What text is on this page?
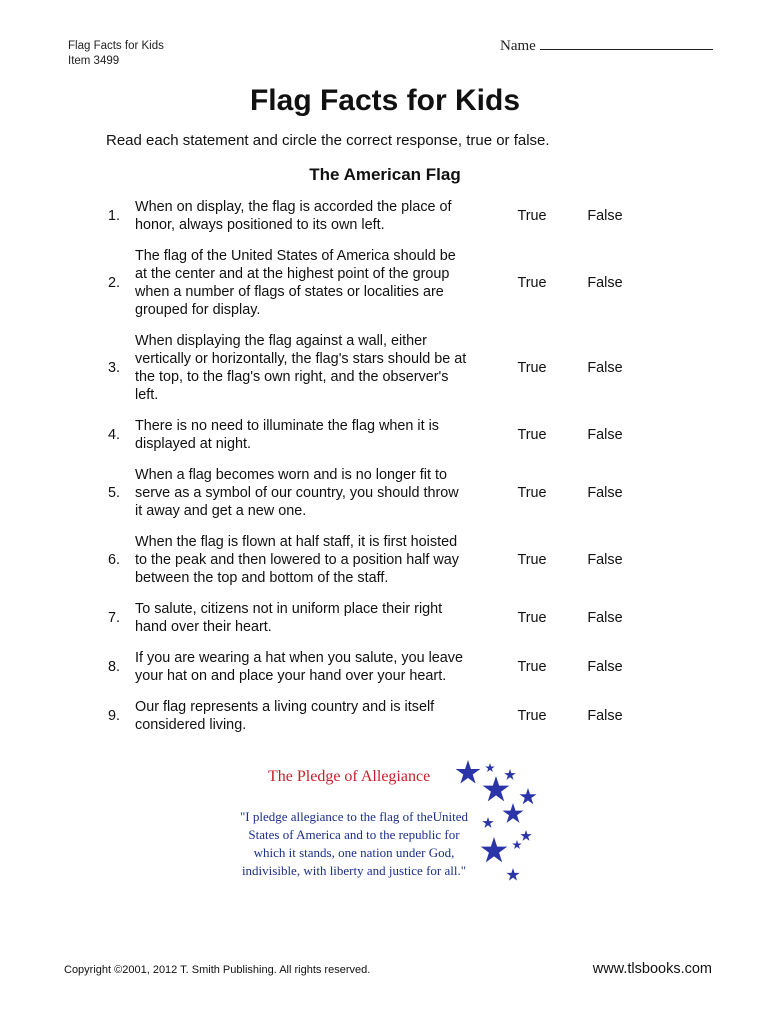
Flag Facts for Kids
Item 3499
Name
Flag Facts for Kids
Read each statement and circle the correct response, true or false.
The American Flag
1.
When on display, the flag is accorded the place of
honor, always positioned to its own left.
True	False
2.
The flag of the United States of America should be
at the center and at the highest point of the group
when a number of flags of states or localities are
grouped for display.
True	False
3.
When displaying the flag against a wall, either
vertically or horizontally, the flag's stars should be at
the top, to the flag's own right, and the observer's
left.
True	False
4.
There is no need to illuminate the flag when it is
displayed at night.
True	False
5.
When a flag becomes worn and is no longer fit to
serve as a symbol of our country, you should throw
it away and get a new one.
True	False
6.
When the flag is flown at half staff, it is first hoisted
to the peak and then lowered to a position half way
between the top and bottom of the staff.
True	False
7.
To salute, citizens not in uniform place their right
hand over their heart.
True	False
8.
If you are wearing a hat when you salute, you leave
your hat on and place your hand over your heart.
True	False
9.
Our flag represents a living country and is itself
considered living.
True	False
The Pledge of Allegiance
"I pledge allegiance to the flag of theUnited
States of America and to the republic for
which it stands, one nation under God,
indivisible, with liberty and justice for all."
Copyright ©2001, 2012 T. Smith Publishing. All rights reserved.	www.tlsbooks.com
